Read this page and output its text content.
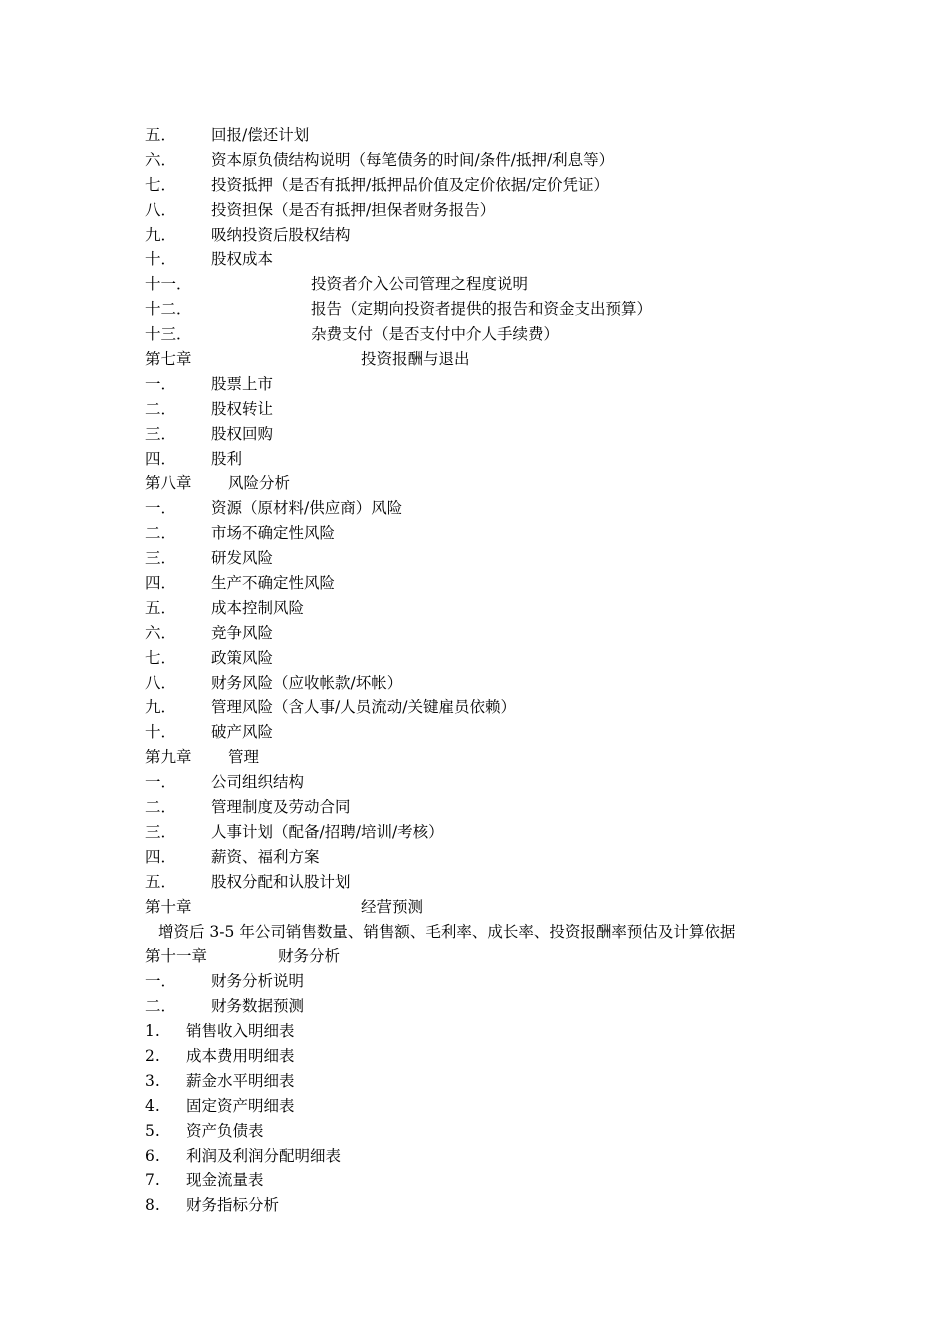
五． 回报/偿还计划
六． 资本原负债结构说明（每笔债务的时间/条件/抵押/利息等）
七． 投资抵押（是否有抵押/抵押品价值及定价依据/定价凭证）
八． 投资担保（是否有抵押/担保者财务报告）
九． 吸纳投资后股权结构
十． 股权成本
十一．	投资者介入公司管理之程度说明
十二．	报告（定期向投资者提供的报告和资金支出预算）
十三．	杂费支付（是否支付中介人手续费）
第七章	投资报酬与退出
一． 股票上市
二． 股权转让
三． 股权回购
四． 股利
第八章 风险分析
一． 资源（原材料/供应商）风险
二． 市场不确定性风险
三． 研发风险
四． 生产不确定性风险
五． 成本控制风险
六． 竞争风险
七． 政策风险
八． 财务风险（应收帐款/坏帐）
九． 管理风险（含人事/人员流动/关键雇员依赖）
十． 破产风险
第九章 管理
一． 公司组织结构
二． 管理制度及劳动合同
三． 人事计划（配备/招聘/培训/考核）
四． 薪资、福利方案
五． 股权分配和认股计划
第十章	经营预测
增资后 3-5 年公司销售数量、销售额、毛利率、成长率、投资报酬率预估及计算依据
第十一章	财务分析
一． 财务分析说明
二． 财务数据预测
1. 销售收入明细表
2. 成本费用明细表
3. 薪金水平明细表
4. 固定资产明细表
5. 资产负债表
6. 利润及利润分配明细表
7. 现金流量表
8. 财务指标分析
